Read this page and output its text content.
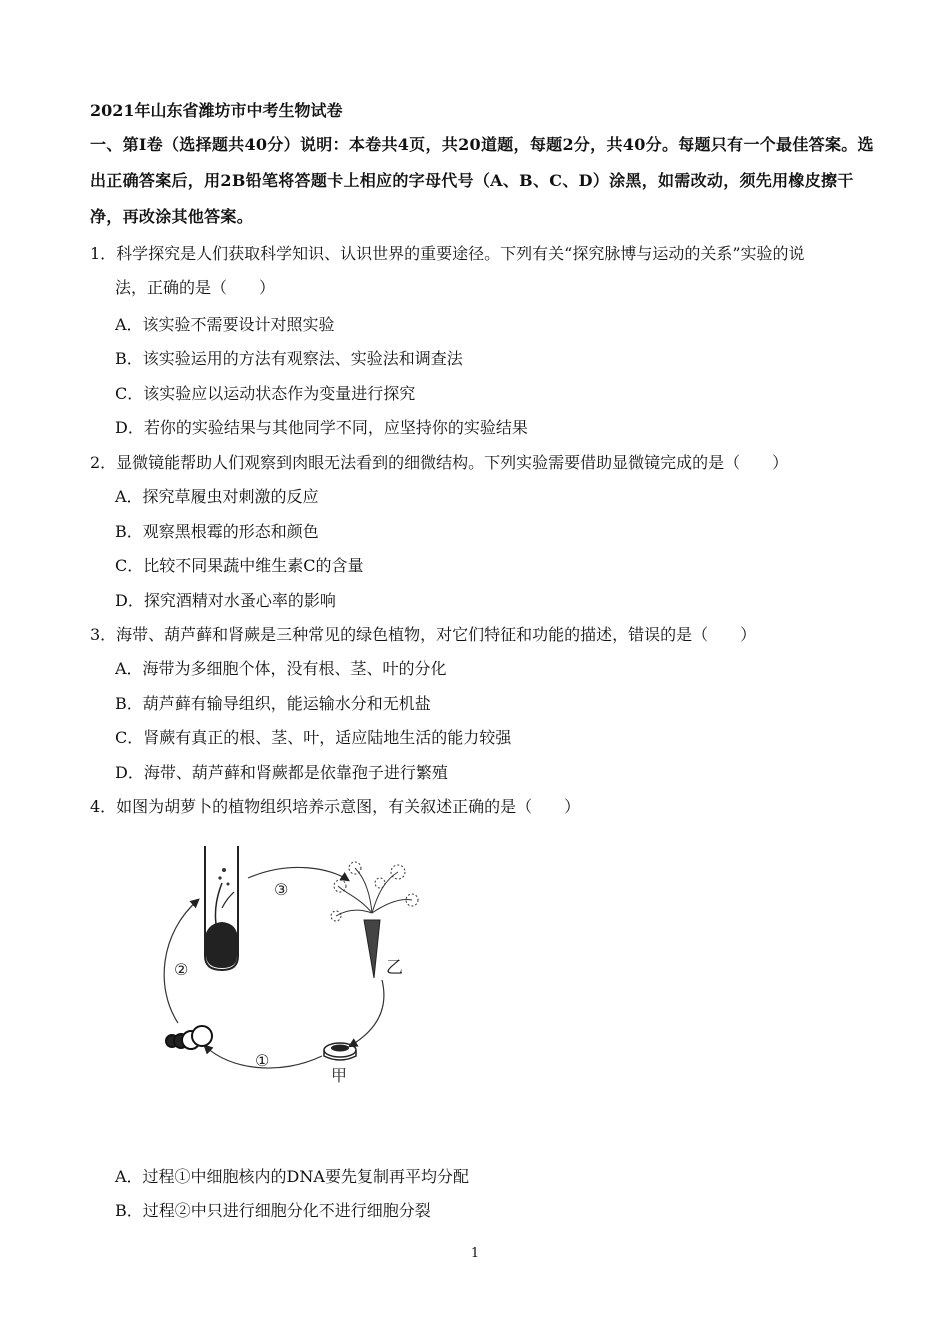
2021年山东省潍坊市中考生物试卷
一、第Ⅰ卷（选择题共40分）说明：本卷共4页，共20道题，每题2分，共40分。每题只有一个最佳答案。选出正确答案后，用2B铅笔将答题卡上相应的字母代号（A、B、C、D）涂黑，如需改动，须先用橡皮擦干净，再改涂其他答案。
1．科学探究是人们获取科学知识、认识世界的重要途径。下列有关“探究脉博与运动的关系”实验的说
法，正确的是（　　）
A．该实验不需要设计对照实验
B．该实验运用的方法有观察法、实验法和调查法
C．该实验应以运动状态作为变量进行探究
D．若你的实验结果与其他同学不同，应坚持你的实验结果
2．显微镜能帮助人们观察到肉眼无法看到的细微结构。下列实验需要借助显微镜完成的是（　　）
A．探究草履虫对刺激的反应
B．观察黑根霉的形态和颜色
C．比较不同果蔬中维生素C的含量
D．探究酒精对水蚤心率的影响
3．海带、葫芦藓和肾蕨是三种常见的绿色植物，对它们特征和功能的描述，错误的是（　　）
A．海带为多细胞个体，没有根、茎、叶的分化
B．葫芦藓有输导组织，能运输水分和无机盐
C．肾蕨有真正的根、茎、叶，适应陆地生活的能力较强
D．海带、葫芦藓和肾蕨都是依靠孢子进行繁殖
4．如图为胡萝卜的植物组织培养示意图，有关叙述正确的是（　　）
①
②
③
甲
乙
A．过程①中细胞核内的DNA要先复制再平均分配
B．过程②中只进行细胞分化不进行细胞分裂
1
